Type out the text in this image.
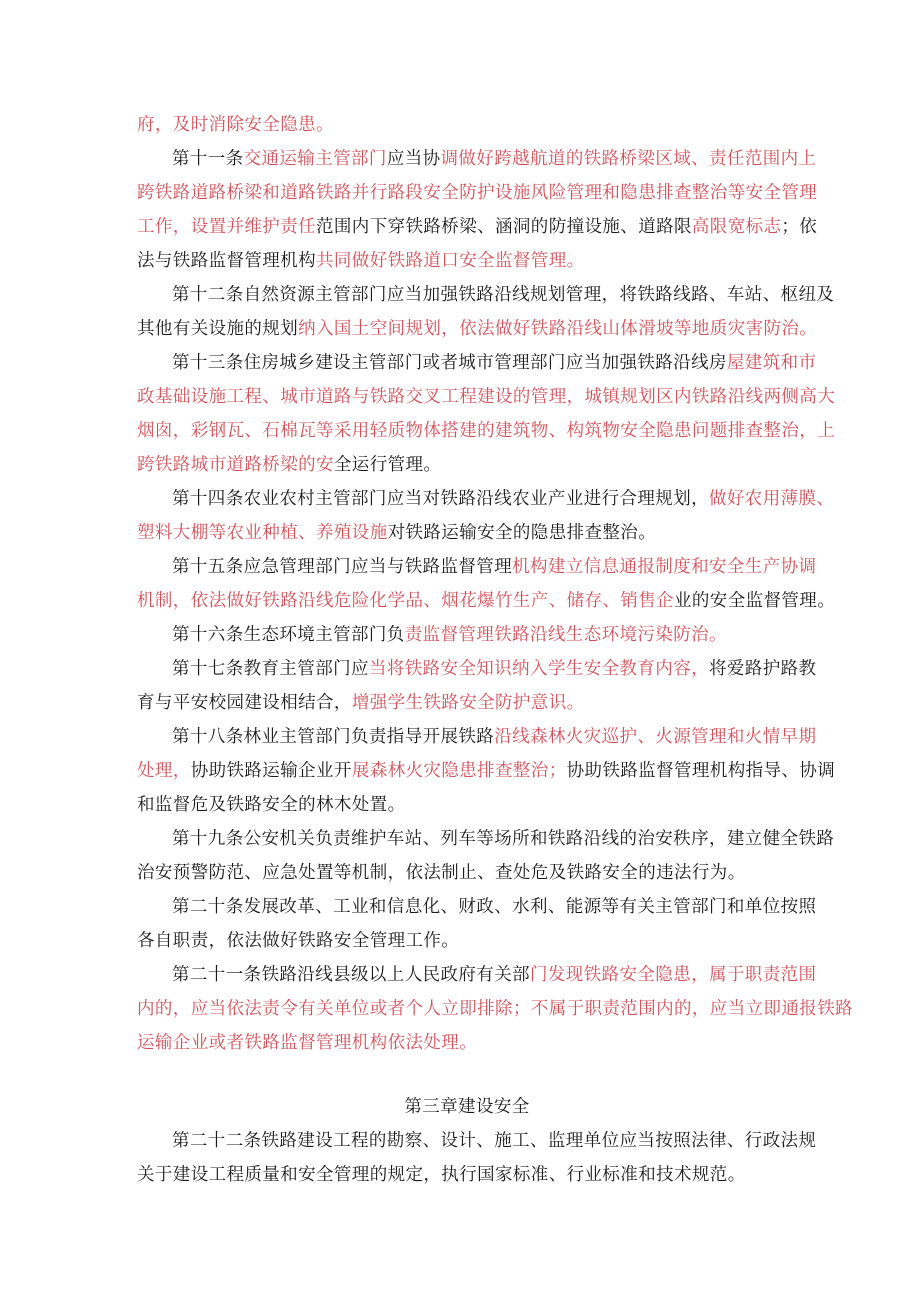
府，及时消除安全隐患。
第十一条交通运输主管部门应当协调做好跨越航道的铁路桥梁区域、责任范围内上
跨铁路道路桥梁和道路铁路并行路段安全防护设施风险管理和隐患排查整治等安全管理
工作，设置并维护责任范围内下穿铁路桥梁、涵洞的防撞设施、道路限高限宽标志；依
法与铁路监督管理机构共同做好铁路道口安全监督管理。
第十二条自然资源主管部门应当加强铁路沿线规划管理，将铁路线路、车站、枢纽及
其他有关设施的规划纳入国土空间规划，依法做好铁路沿线山体滑坡等地质灾害防治。
第十三条住房城乡建设主管部门或者城市管理部门应当加强铁路沿线房屋建筑和市
政基础设施工程、城市道路与铁路交叉工程建设的管理，城镇规划区内铁路沿线两侧高大
烟囱，彩钢瓦、石棉瓦等采用轻质物体搭建的建筑物、构筑物安全隐患问题排查整治，上
跨铁路城市道路桥梁的安全运行管理。
第十四条农业农村主管部门应当对铁路沿线农业产业进行合理规划，做好农用薄膜、
塑料大棚等农业种植、养殖设施对铁路运输安全的隐患排查整治。
第十五条应急管理部门应当与铁路监督管理机构建立信息通报制度和安全生产协调
机制，依法做好铁路沿线危险化学品、烟花爆竹生产、储存、销售企业的安全监督管理。
第十六条生态环境主管部门负责监督管理铁路沿线生态环境污染防治。
第十七条教育主管部门应当将铁路安全知识纳入学生安全教育内容，将爱路护路教
育与平安校园建设相结合，增强学生铁路安全防护意识。
第十八条林业主管部门负责指导开展铁路沿线森林火灾巡护、火源管理和火情早期
处理，协助铁路运输企业开展森林火灾隐患排查整治；协助铁路监督管理机构指导、协调
和监督危及铁路安全的林木处置。
第十九条公安机关负责维护车站、列车等场所和铁路沿线的治安秩序，建立健全铁路
治安预警防范、应急处置等机制，依法制止、查处危及铁路安全的违法行为。
第二十条发展改革、工业和信息化、财政、水利、能源等有关主管部门和单位按照
各自职责，依法做好铁路安全管理工作。
第二十一条铁路沿线县级以上人民政府有关部门发现铁路安全隐患，属于职责范围
内的，应当依法责令有关单位或者个人立即排除；不属于职责范围内的，应当立即通报铁路
运输企业或者铁路监督管理机构依法处理。
第三章建设安全
第二十二条铁路建设工程的勘察、设计、施工、监理单位应当按照法律、行政法规
关于建设工程质量和安全管理的规定，执行国家标准、行业标准和技术规范。
